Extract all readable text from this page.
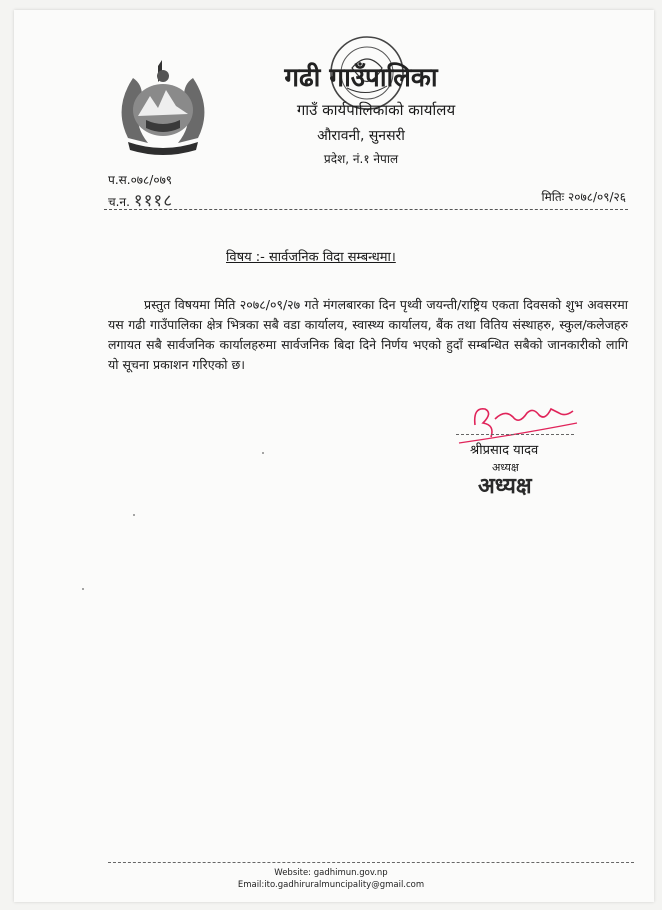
गढी गाउँपालिका
गाउँ कार्यपालिकाको कार्यालय
औरावनी, सुनसरी
प्रदेश, नं.१ नेपाल
प.स.०७८/०७९
च.न. १११८	मितिः २०७८/०९/२६
विषय :- सार्वजनिक विदा सम्बन्धमा।
प्रस्तुत विषयमा मिति २०७८/०९/२७ गते मंगलबारका दिन पृथ्वी जयन्ती/राष्ट्रिय एकता दिवसको शुभ अवसरमा यस गढी गाउँपालिका क्षेत्र भित्रका सबै वडा कार्यालय, स्वास्थ्य कार्यालय, बैंक तथा वितिय संस्थाहरु, स्कुल/कलेजहरु लगायत सबै सार्वजनिक कार्यालहरुमा सार्वजनिक बिदा दिने निर्णय भएको हुदाँ सम्बन्धित सबैको जानकारीको लागि यो सूचना प्रकाशन गरिएको छ।
श्रीप्रसाद यादव
अध्यक्ष
अध्यक्ष
Website: gadhimun.gov.np
Email:ito.gadhiruralmuncipality@gmail.com
